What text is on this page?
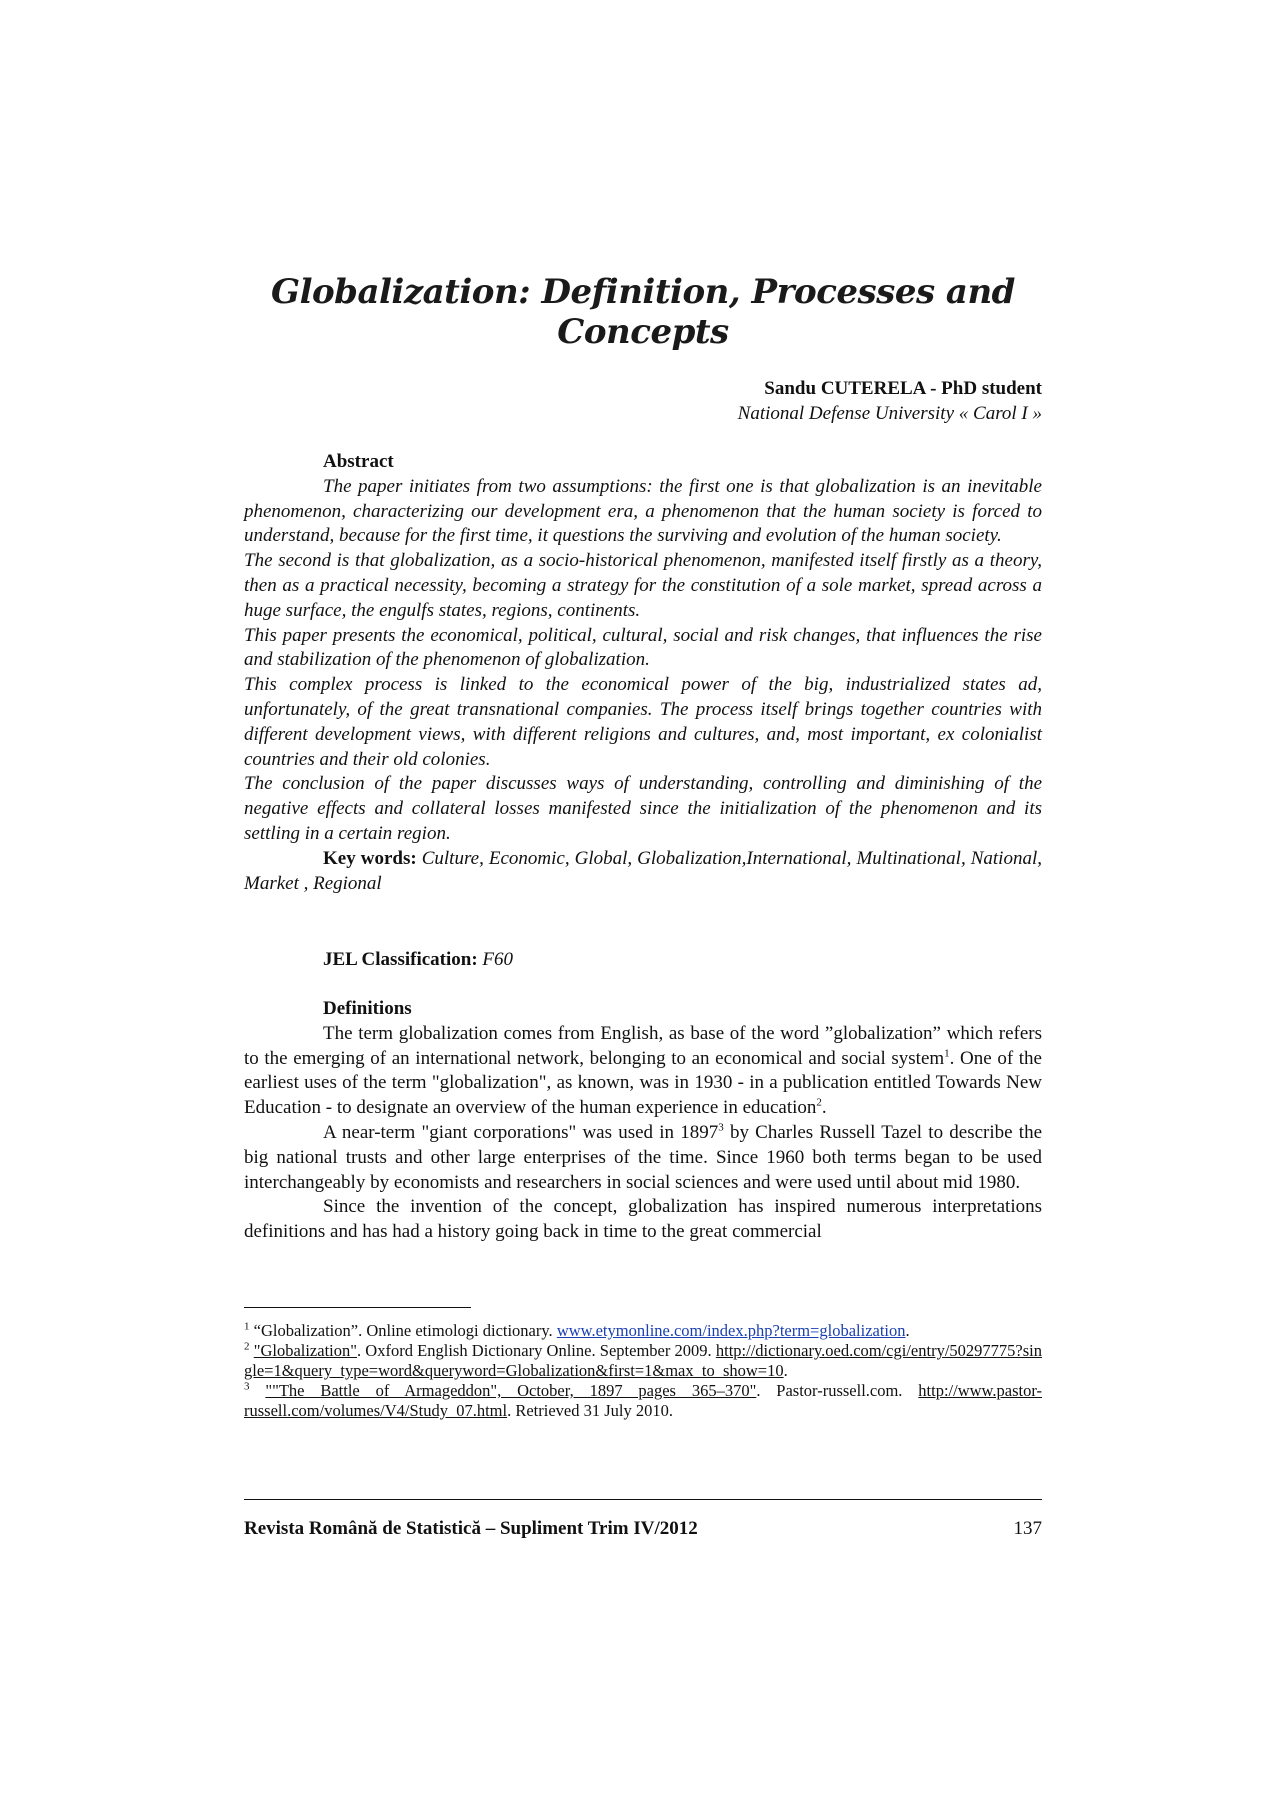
Globalization: Definition, Processes and Concepts
Sandu CUTERELA - PhD student
National Defense University « Carol I »

Abstract

The paper initiates from two assumptions: the first one is that globalization is an inevitable phenomenon, characterizing our development era, a phenomenon that the human society is forced to understand, because for the first time, it questions the surviving and evolution of the human society.

The second is that globalization, as a socio-historical phenomenon, manifested itself firstly as a theory, then as a practical necessity, becoming a strategy for the constitution of a sole market, spread across a huge surface, the engulfs states, regions, continents.

This paper presents the economical, political, cultural, social and risk changes, that influences the rise and stabilization of the phenomenon of globalization.

This complex process is linked to the economical power of the big, industrialized states ad, unfortunately, of the great transnational companies. The process itself brings together countries with different development views, with different religions and cultures, and, most important, ex colonialist countries and their old colonies.

The conclusion of the paper discusses ways of understanding, controlling and diminishing of the negative effects and collateral losses manifested since the initialization of the phenomenon and its settling in a certain region.

Key words: Culture, Economic, Global, Globalization,International, Multinational, National, Market , Regional

JEL Classification: F60

Definitions

The term globalization comes from English, as base of the word ”globalization” which refers to the emerging of an international network, belonging to an economical and social system$^1$. One of the earliest uses of the term "globalization", as known, was in 1930 - in a publication entitled Towards New Education - to designate an overview of the human experience in education$^2$.

A near-term "giant corporations" was used in 1897$^3$ by Charles Russell Tazel to describe the big national trusts and other large enterprises of the time. Since 1960 both terms began to be used interchangeably by economists and researchers in social sciences and were used until about mid 1980.

Since the invention of the concept, globalization has inspired numerous interpretations definitions and has had a history going back in time to the great commercial

$^1$ “Globalization”. Online etimologi dictionary. www.etymonline.com/index.php?term=globalization.

$^2$ "Globalization". Oxford English Dictionary Online. September 2009. http://dictionary.oed.com/cgi/entry/50297775?single=1&query_type=word&queryword=Globalization&first=1&max_to_show=10.

$^3$ ""The Battle of Armageddon", October, 1897 pages 365–370". Pastor-russell.com. http://www.pastor-russell.com/volumes/V4/Study_07.html. Retrieved 31 July 2010.

Revista Română de Statistică – Supliment Trim IV/2012	137
